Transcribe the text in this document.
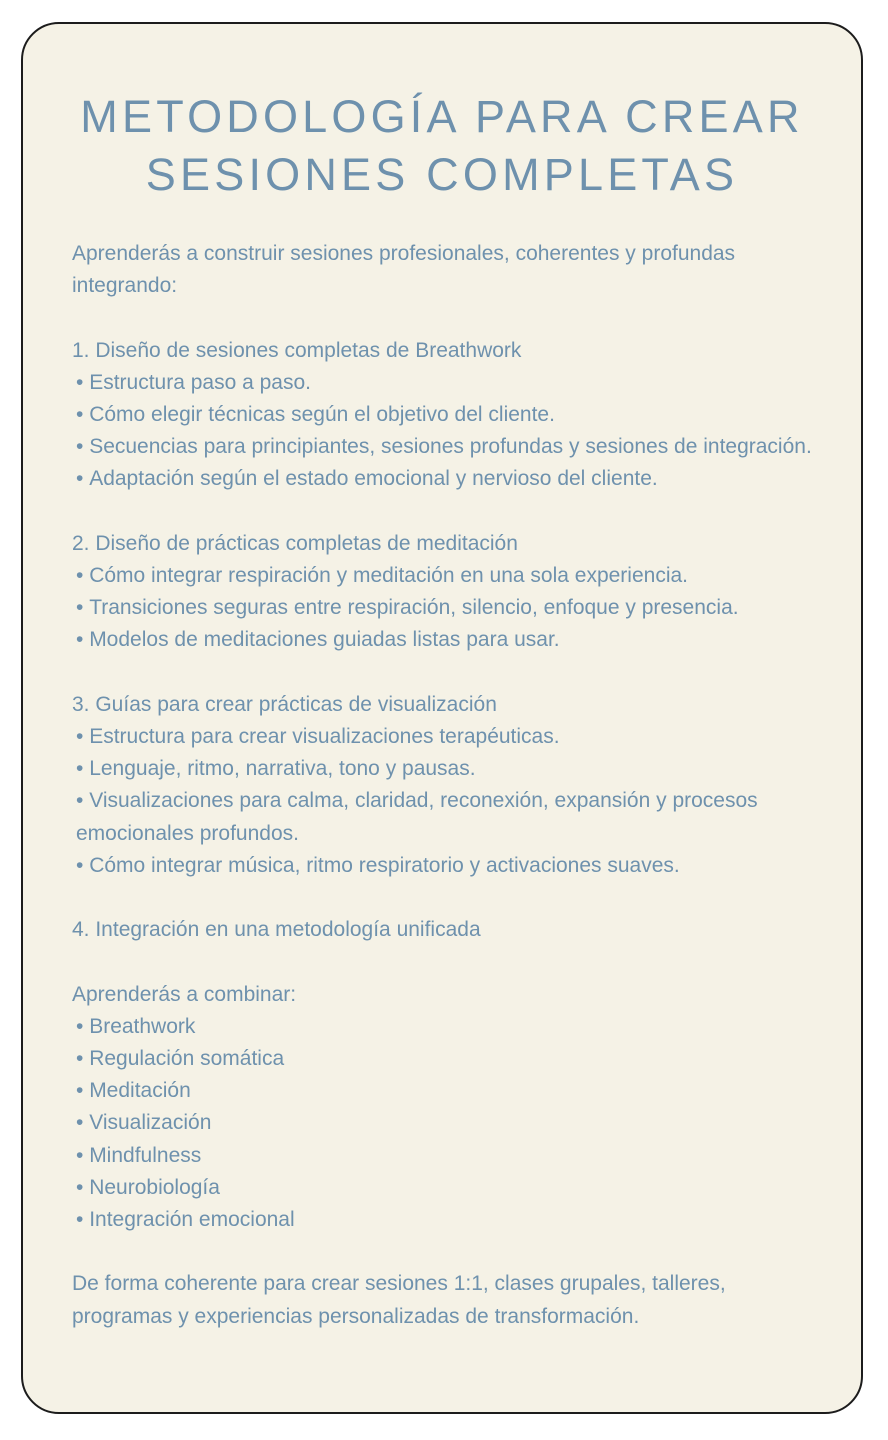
METODOLOGÍA PARA CREAR
SESIONES COMPLETAS

Aprenderás a construir sesiones profesionales, coherentes y profundas integrando:

1. Diseño de sesiones completas de Breathwork

• Estructura paso a paso.

• Cómo elegir técnicas según el objetivo del cliente.

• Secuencias para principiantes, sesiones profundas y sesiones de integración.

• Adaptación según el estado emocional y nervioso del cliente.

2. Diseño de prácticas completas de meditación

• Cómo integrar respiración y meditación en una sola experiencia.

• Transiciones seguras entre respiración, silencio, enfoque y presencia.

• Modelos de meditaciones guiadas listas para usar.

3. Guías para crear prácticas de visualización

• Estructura para crear visualizaciones terapéuticas.

• Lenguaje, ritmo, narrativa, tono y pausas.

• Visualizaciones para calma, claridad, reconexión, expansión y procesos emocionales profundos.

• Cómo integrar música, ritmo respiratorio y activaciones suaves.

4. Integración en una metodología unificada

Aprenderás a combinar:

• Breathwork

• Regulación somática

• Meditación

• Visualización

• Mindfulness

• Neurobiología

• Integración emocional

De forma coherente para crear sesiones 1:1, clases grupales, talleres, programas y experiencias personalizadas de transformación.
